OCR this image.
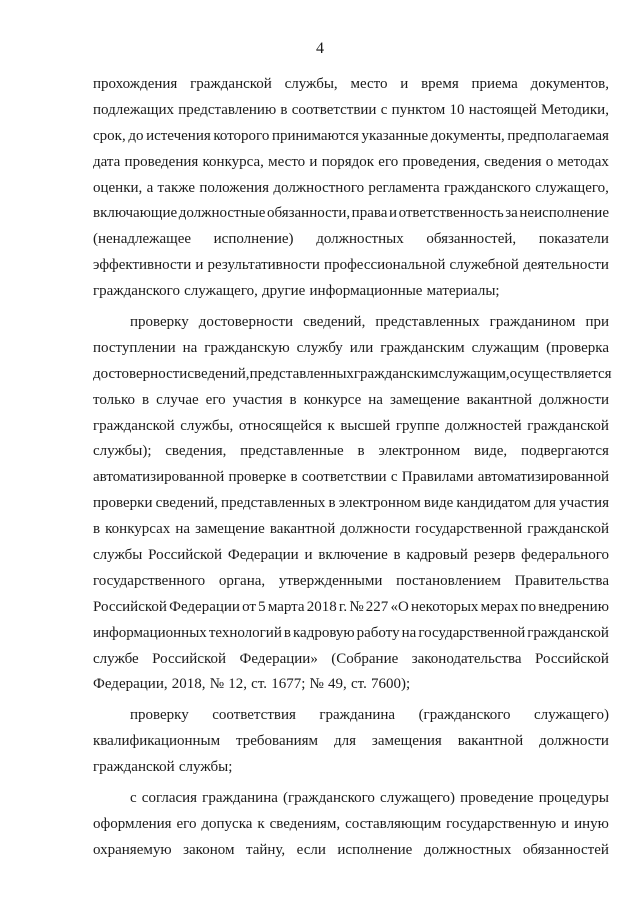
4
прохождения гражданской службы, место и время приема документов,
подлежащих представлению в соответствии с пунктом 10 настоящей Методики,
срок, до истечения которого принимаются указанные документы, предполагаемая
дата проведения конкурса, место и порядок его проведения, сведения о методах
оценки, а также положения должностного регламента гражданского служащего,
включающие должностные обязанности, права и ответственность за неисполнение
(ненадлежащее исполнение) должностных обязанностей, показатели
эффективности и результативности профессиональной служебной деятельности
гражданского служащего, другие информационные материалы;
проверку достоверности сведений, представленных гражданином при
поступлении на гражданскую службу или гражданским служащим (проверка
достоверности сведений, представленных гражданским служащим, осуществляется
только в случае его участия в конкурсе на замещение вакантной должности
гражданской службы, относящейся к высшей группе должностей гражданской
службы); сведения, представленные в электронном виде, подвергаются
автоматизированной проверке в соответствии с Правилами автоматизированной
проверки сведений, представленных в электронном виде кандидатом для участия
в конкурсах на замещение вакантной должности государственной гражданской
службы Российской Федерации и включение в кадровый резерв федерального
государственного органа, утвержденными постановлением Правительства
Российской Федерации от 5 марта 2018 г. № 227 «О некоторых мерах по внедрению
информационных технологий в кадровую работу на государственной гражданской
службе Российской Федерации» (Собрание законодательства Российской
Федерации, 2018, № 12, ст. 1677; № 49, ст. 7600);
проверку соответствия гражданина (гражданского служащего)
квалификационным требованиям для замещения вакантной должности
гражданской службы;
с согласия гражданина (гражданского служащего) проведение процедуры
оформления его допуска к сведениям, составляющим государственную и иную
охраняемую законом тайну, если исполнение должностных обязанностей
